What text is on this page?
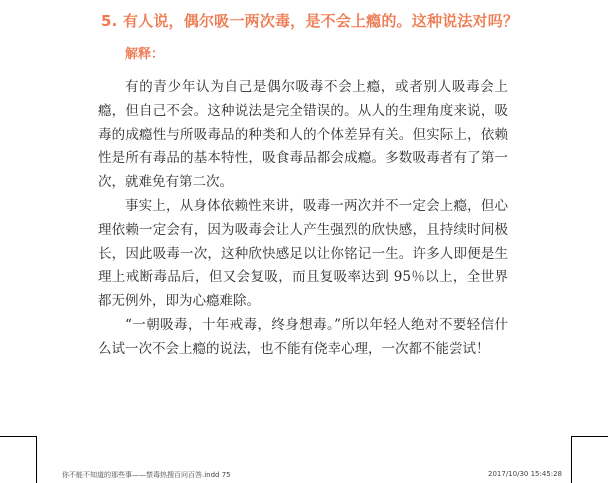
5. 有人说，偶尔吸一两次毒，是不会上瘾的。这种说法对吗？
解释：

有的青少年认为自己是偶尔吸毒不会上瘾，或者别人吸毒会上瘾，但自己不会。这种说法是完全错误的。从人的生理角度来说，吸毒的成瘾性与所吸毒品的种类和人的个体差异有关。但实际上，依赖性是所有毒品的基本特性，吸食毒品都会成瘾。多数吸毒者有了第一次，就难免有第二次。

事实上，从身体依赖性来讲，吸毒一两次并不一定会上瘾，但心理依赖一定会有，因为吸毒会让人产生强烈的欣快感，且持续时间极长，因此吸毒一次，这种欣快感足以让你铭记一生。许多人即便是生理上戒断毒品后，但又会复吸，而且复吸率达到 95％以上，全世界都无例外，即为心瘾难除。

“一朝吸毒，十年戒毒，终身想毒。”所以年轻人绝对不要轻信什么试一次不会上瘾的说法，也不能有侥幸心理，一次都不能尝试！

你不能不知道的那些事——禁毒热搜百问百答.indd 75	2017/10/30 15:45:28
